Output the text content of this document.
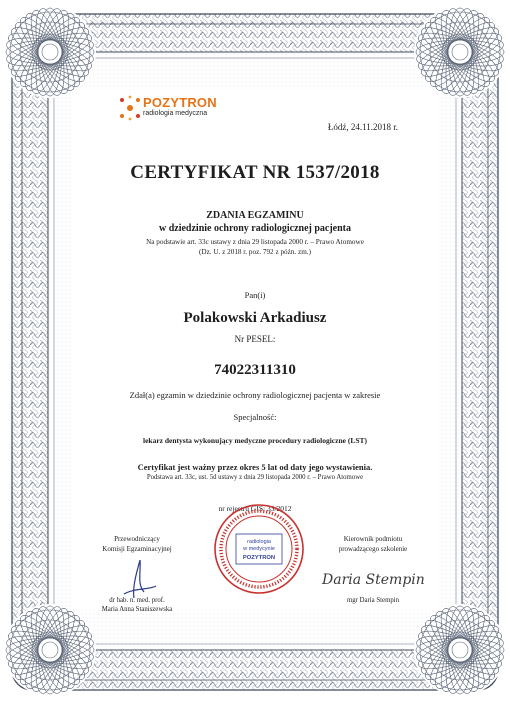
POZYTRON
radiologia medyczna
Łódź, 24.11.2018 r.
CERTYFIKAT NR 1537/2018
ZDANIA EGZAMINU
w dziedzinie ochrony radiologicznej pacjenta
Na podstawie art. 33c ustawy z dnia 29 listopada 2000 r. – Prawo Atomowe
(Dz. U. z 2018 r. poz. 792 z późn. zm.)
Pan(i)
Polakowski Arkadiusz
Nr PESEL:
74022311310
Zdał(a) egzamin w dziedzinie ochrony radiologicznej pacjenta w zakresie
Specjalność:
lekarz dentysta wykonujący medyczne procedury radiologiczne (LST)
Certyfikat jest ważny przez okres 5 lat od daty jego wystawienia.
Podstawa art. 33c, ust. 5d ustawy z dnia 29 listopada 2000 r. – Prawo Atomowe
nr rejestru GIS: 33/2012
Przewodniczący
Komisji Egzaminacyjnej
dr hab. n. med. prof.
Maria Anna Staniszewska
radiologia
w medycynie
POZYTRON
Kierownik podmiotu
prowadzącego szkolenie
Daria Stempin
mgr Daria Stempin
